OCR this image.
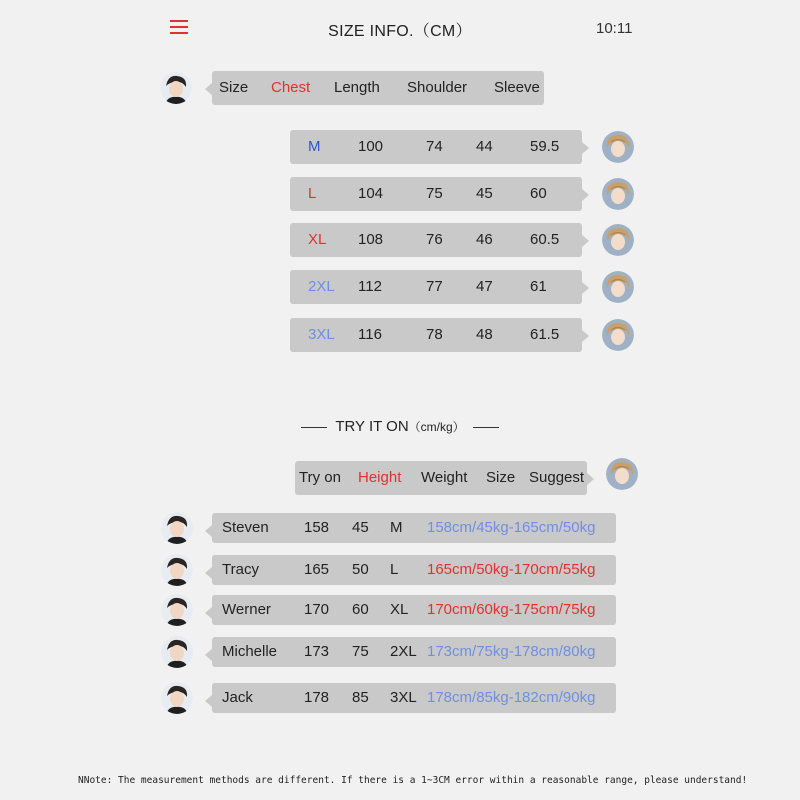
SIZE INFO.（CM）	10:11
Size Chest Length Shoulder Sleeve
M	100	74 44 59.5
L	104	75 45 60
XL 108	76 46 60.5
2XL 112	77 47 61
3XL 116	78 48 61.5
TRY IT ON（cm/kg）
Try on Height Weight Size Suggest
Steven 158 45 M 158cm/45kg-165cm/50kg
Tracy	165 50 L 165cm/50kg-170cm/55kg
Werner 170 60 XL 170cm/60kg-175cm/75kg
Michelle 173 75 2XL 173cm/75kg-178cm/80kg
Jack	178 85 3XL 178cm/85kg-182cm/90kg
NNote: The measurement methods are different. If there is a 1~3CM error within a reasonable range, please understand!
